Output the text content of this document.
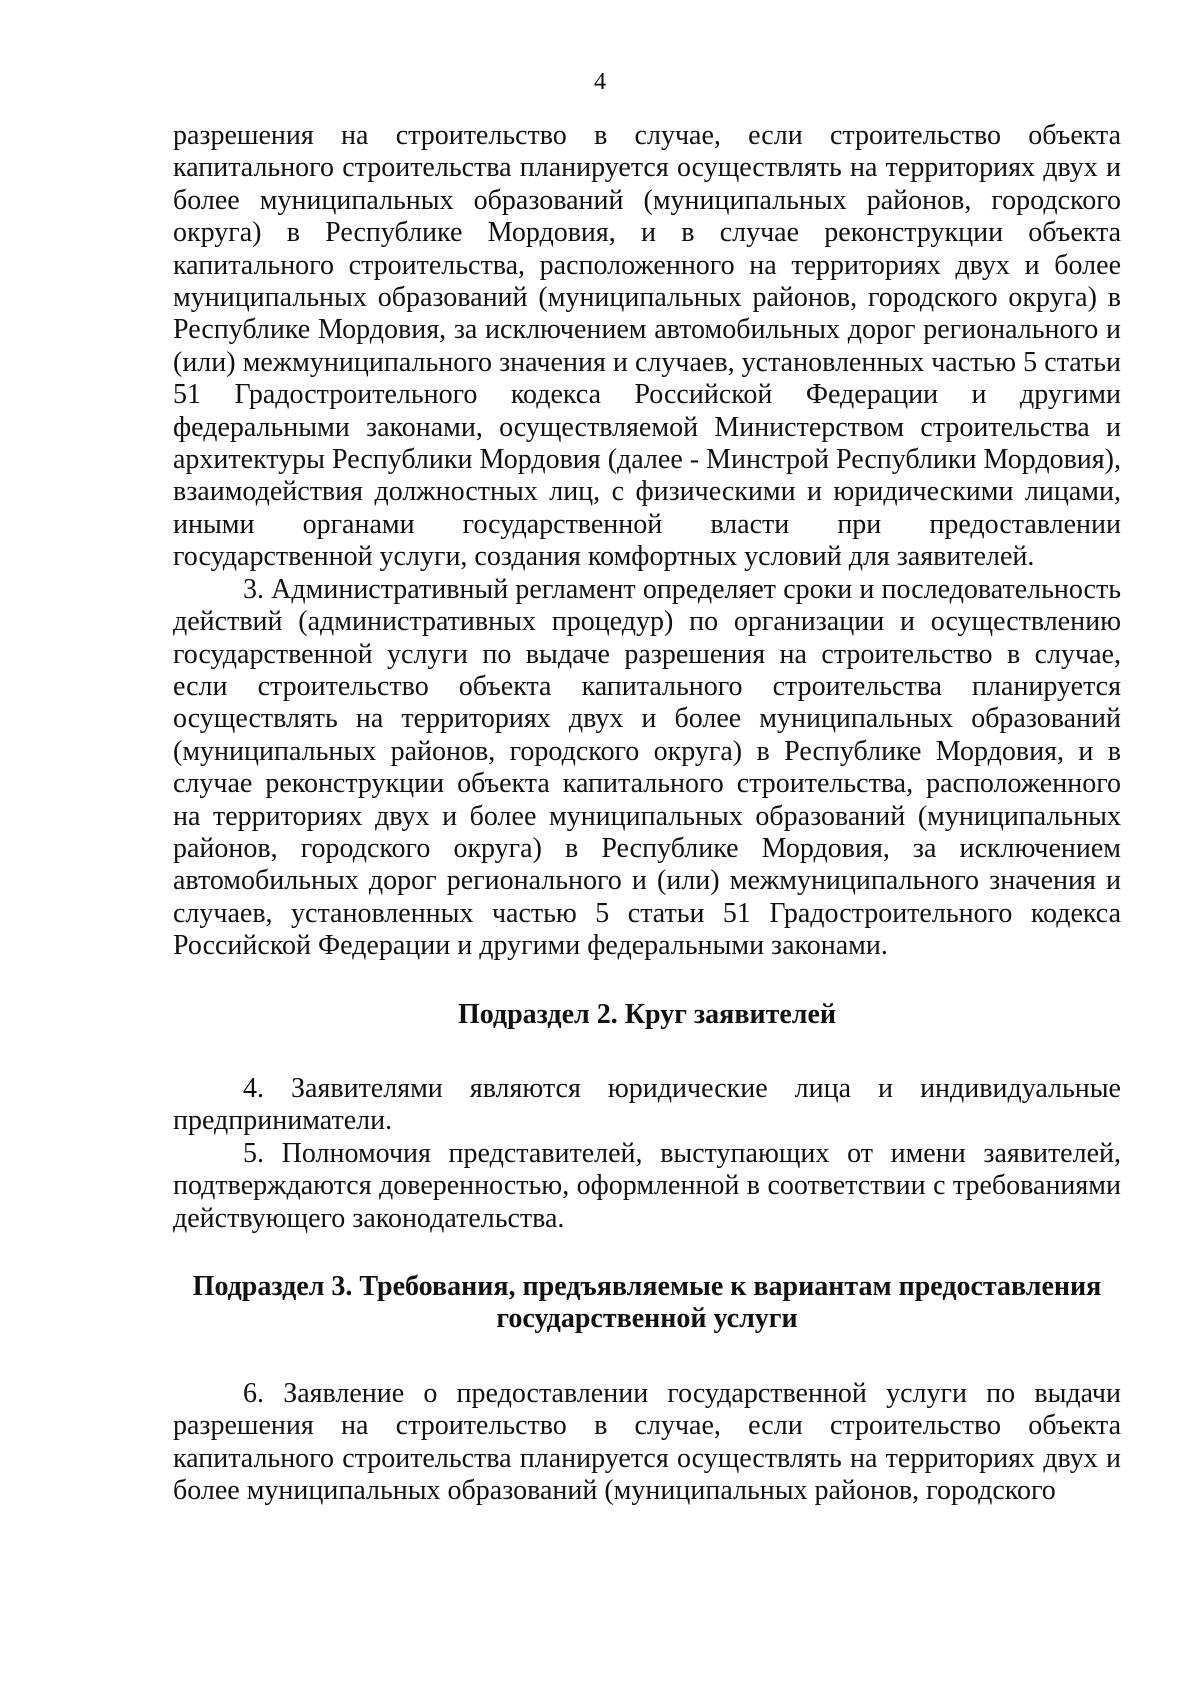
4

разрешения на строительство в случае, если строительство объекта капитального строительства планируется осуществлять на территориях двух и более муниципальных образований (муниципальных районов, городского округа) в Республике Мордовия, и в случае реконструкции объекта капитального строительства, расположенного на территориях двух и более муниципальных образований (муниципальных районов, городского округа) в Республике Мордовия, за исключением автомобильных дорог регионального и (или) межмуниципального значения и случаев, установленных частью 5 статьи 51 Градостроительного кодекса Российской Федерации и другими федеральными законами, осуществляемой Министерством строительства и архитектуры Республики Мордовия (далее - Минстрой Республики Мордовия), взаимодействия должностных лиц, с физическими и юридическими лицами, иными органами государственной власти при предоставлении государственной услуги, создания комфортных условий для заявителей.

3. Административный регламент определяет сроки и последовательность действий (административных процедур) по организации и осуществлению государственной услуги по выдаче разрешения на строительство в случае, если строительство объекта капитального строительства планируется осуществлять на территориях двух и более муниципальных образований (муниципальных районов, городского округа) в Республике Мордовия, и в случае реконструкции объекта капитального строительства, расположенного на территориях двух и более муниципальных образований (муниципальных районов, городского округа) в Республике Мордовия, за исключением автомобильных дорог регионального и (или) межмуниципального значения и случаев, установленных частью 5 статьи 51 Градостроительного кодекса Российской Федерации и другими федеральными законами.

Подраздел 2. Круг заявителей

4. Заявителями являются юридические лица и индивидуальные предприниматели.

5. Полномочия представителей, выступающих от имени заявителей, подтверждаются доверенностью, оформленной в соответствии с требованиями действующего законодательства.

Подраздел 3. Требования, предъявляемые к вариантам предоставления государственной услуги

6. Заявление о предоставлении государственной услуги по выдачи разрешения на строительство в случае, если строительство объекта капитального строительства планируется осуществлять на территориях двух и более муниципальных образований (муниципальных районов, городского
